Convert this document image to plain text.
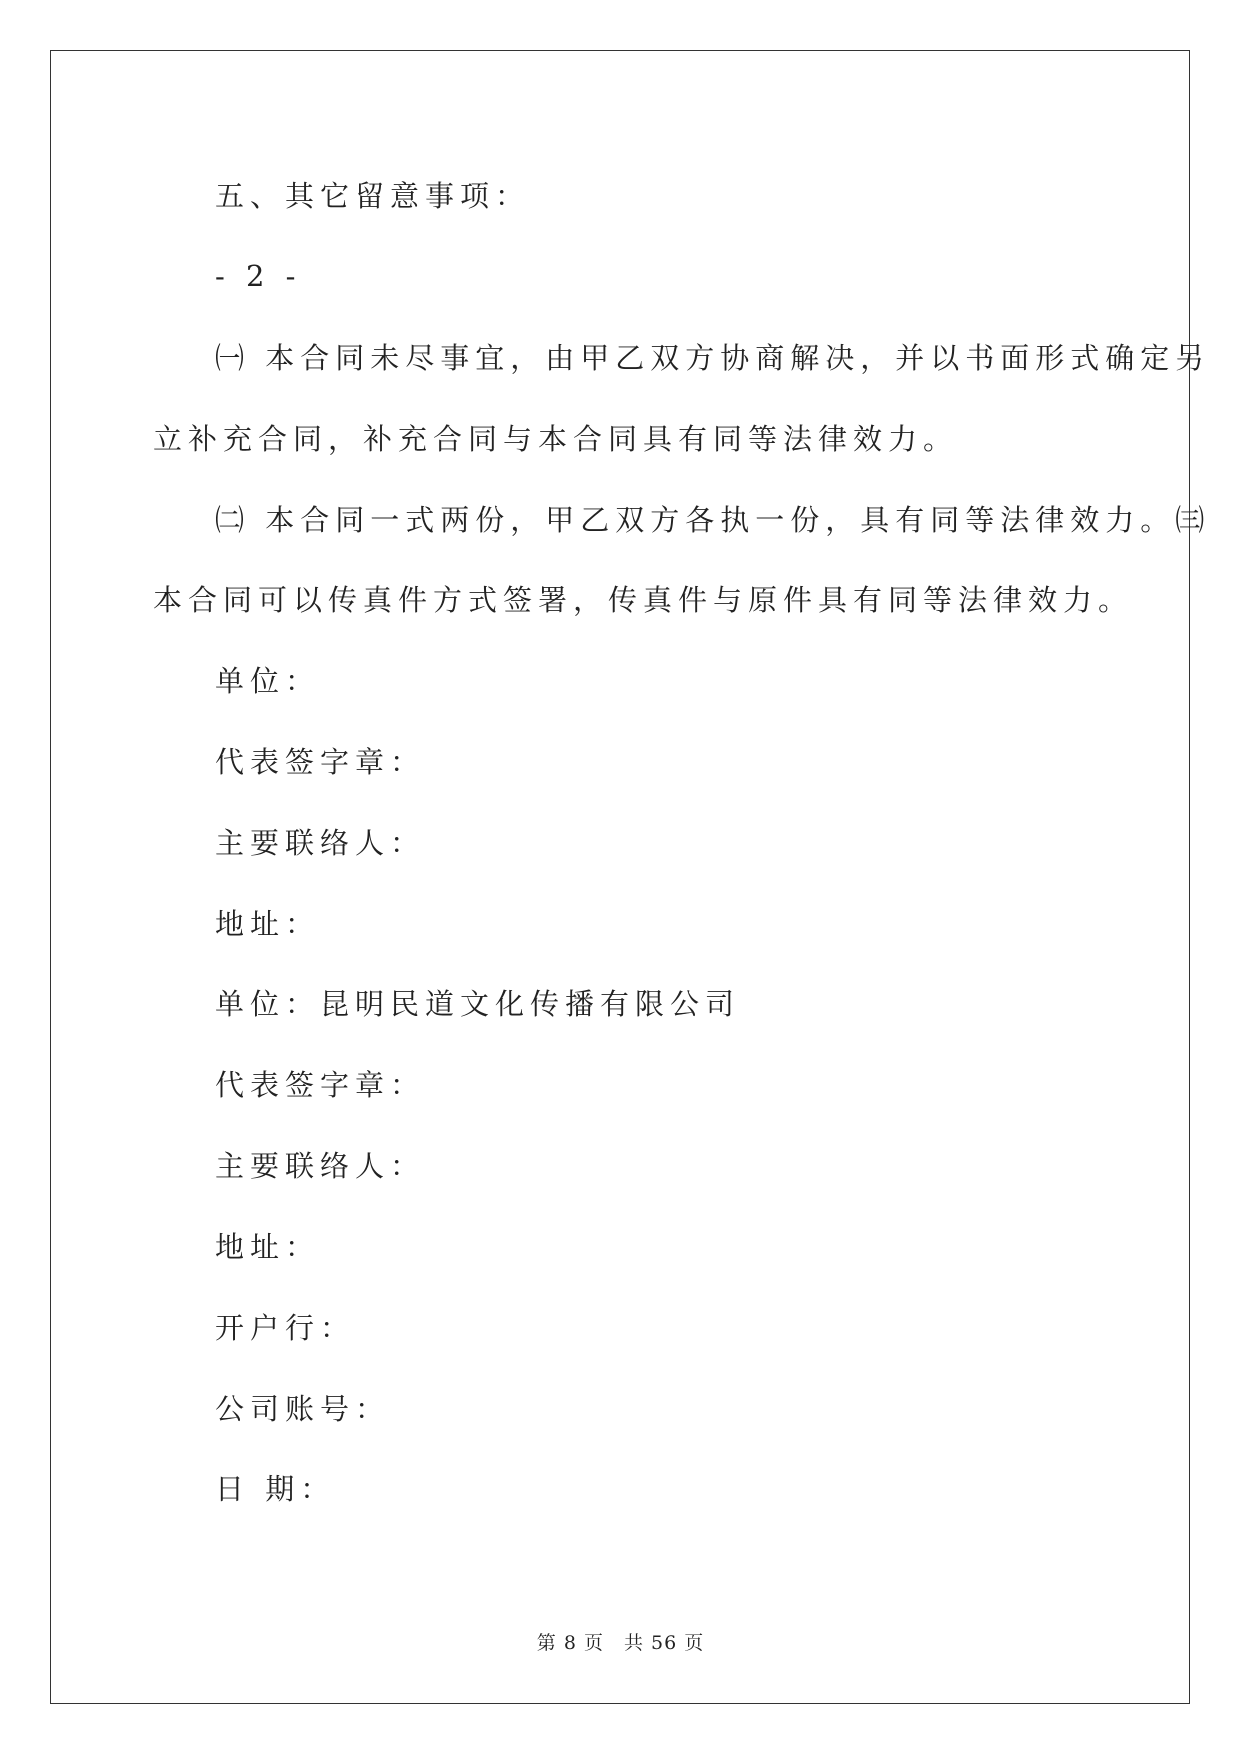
五、其它留意事项：
- 2 -
㈠ 本合同未尽事宜，由甲乙双方协商解决，并以书面形式确定另
立补充合同，补充合同与本合同具有同等法律效力。
㈡ 本合同一式两份，甲乙双方各执一份，具有同等法律效力。㈢
本合同可以传真件方式签署，传真件与原件具有同等法律效力。
单位：
代表签字章：
主要联络人：
地址：
单位：昆明民道文化传播有限公司
代表签字章：
主要联络人：
地址：
开户行：
公司账号：
日 期：
第 8 页　共 56 页
